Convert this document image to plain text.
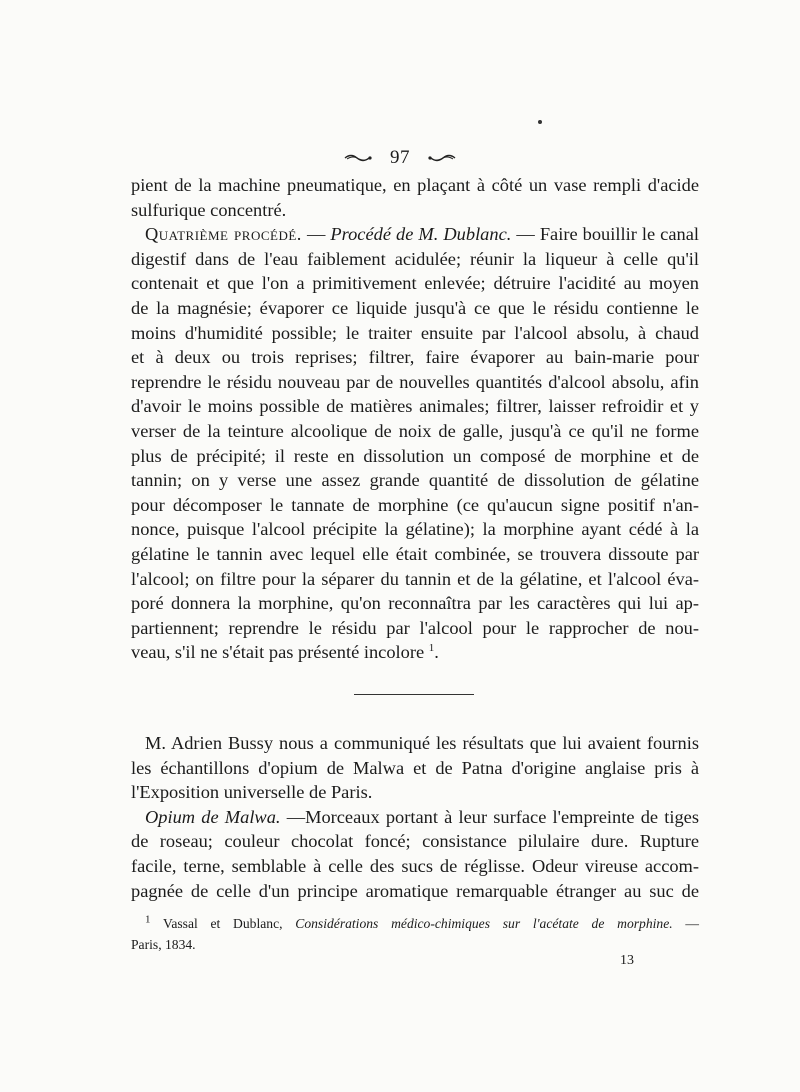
97
pient de la machine pneumatique, en plaçant à côté un vase rempli d'acide
sulfurique concentré.
Quatrième procédé. — Procédé de M. Dublanc. — Faire bouillir le canal
digestif dans de l'eau faiblement acidulée; réunir la liqueur à celle qu'il
contenait et que l'on a primitivement enlevée; détruire l'acidité au moyen
de la magnésie; évaporer ce liquide jusqu'à ce que le résidu contienne le
moins d'humidité possible; le traiter ensuite par l'alcool absolu, à chaud
et à deux ou trois reprises; filtrer, faire évaporer au bain-marie pour
reprendre le résidu nouveau par de nouvelles quantités d'alcool absolu, afin
d'avoir le moins possible de matières animales; filtrer, laisser refroidir et y
verser de la teinture alcoolique de noix de galle, jusqu'à ce qu'il ne forme
plus de précipité; il reste en dissolution un composé de morphine et de
tannin; on y verse une assez grande quantité de dissolution de gélatine
pour décomposer le tannate de morphine (ce qu'aucun signe positif n'an-
nonce, puisque l'alcool précipite la gélatine); la morphine ayant cédé à la
gélatine le tannin avec lequel elle était combinée, se trouvera dissoute par
l'alcool; on filtre pour la séparer du tannin et de la gélatine, et l'alcool éva-
poré donnera la morphine, qu'on reconnaîtra par les caractères qui lui ap-
partiennent; reprendre le résidu par l'alcool pour le rapprocher de nou-
veau, s'il ne s'était pas présenté incolore $^1$.
M. Adrien Bussy nous a communiqué les résultats que lui avaient fournis
les échantillons d'opium de Malwa et de Patna d'origine anglaise pris à
l'Exposition universelle de Paris.
Opium de Malwa. —Morceaux portant à leur surface l'empreinte de tiges
de roseau; couleur chocolat foncé; consistance pilulaire dure. Rupture
facile, terne, semblable à celle des sucs de réglisse. Odeur vireuse accom-
pagnée de celle d'un principe aromatique remarquable étranger au suc de
$^1$ Vassal et Dublanc, Considérations médico-chimiques sur l'acétate de morphine. —
Paris, 1834.
13
